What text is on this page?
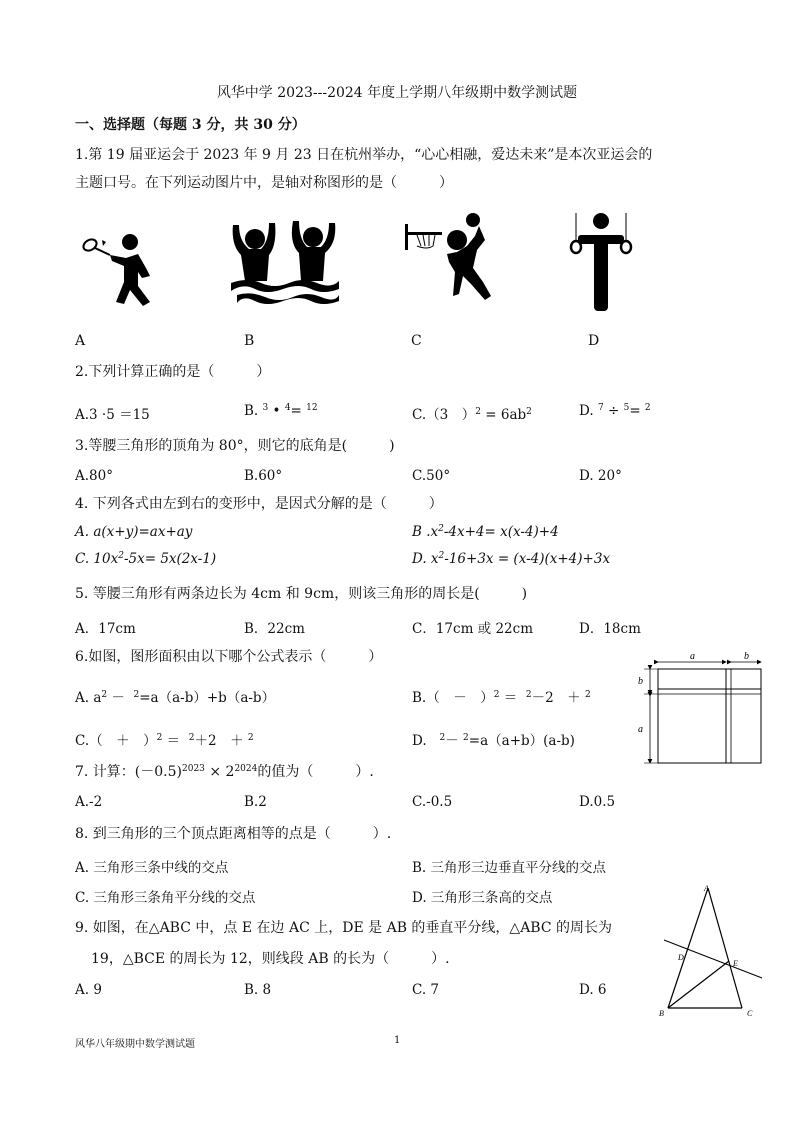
风华中学 2023---2024 年度上学期八年级期中数学测试题
一、选择题（每题 3 分，共 30 分）
1.第 19 届亚运会于 2023 年 9 月 23 日在杭州举办，“心心相融，爱达未来”是本次亚运会的
主题口号。在下列运动图片中，是轴对称图形的是（　　　）
A	B	C	D
2.下列计算正确的是（　　　）
A.3 ·5 ＝15	B. $^3$ • $^4$= $^{12}$	C.（3　）$^2 = 6ab^2$	D. $^7$ ÷ $^5$= $^2$
3.等腰三角形的顶角为 80°，则它的底角是(　　　)
A.80°	B.60°	C.50°	D. 20°
4. 下列各式由左到右的变形中，是因式分解的是（　　　）
A. a(x+y)=ax+ay	B $.x^2-4x+4= x(x-4)+4$
C. $10x^2-5x= 5x(2x-1)$	D. $x^2-16+3x = (x-4)(x+4)+3x$
5. 等腰三角形有两条边长为 4cm 和 9cm，则该三角形的周长是(　　　)
A．17cm	B．22cm	C．17cm 或 22cm	D．18cm
6.如图，图形面积由以下哪个公式表示（　　　）
A. $a^2 - ^2=a(a-b)+b(a-b)$	B.（　－　）$^2$ ＝ $^2$－2　＋ $^2$
C.（　＋　）$^2$ ＝ $^2$＋2　＋ $^2$	D. $^2$－ $^2$=a（a+b）(a-b)
a	b
b
a
7. 计算：$(-0.5)^{2023} \times 2^{2024}$的值为（　　　）.
A.-2	B.2	C.-0.5	D.0.5
8. 到三角形的三个顶点距离相等的点是（　　　）.
A. 三角形三条中线的交点	B. 三角形三边垂直平分线的交点
C. 三角形三条角平分线的交点	D. 三角形三条高的交点
9. 如图，在△ABC 中，点 E 在边 AC 上，DE 是 AB 的垂直平分线，△ABC 的周长为
19，△BCE 的周长为 12，则线段 AB 的长为（　　　）.
A. 9	B. 8	C. 7	D. 6
A
D
E
B	C
风华八年级期中数学测试题	1
